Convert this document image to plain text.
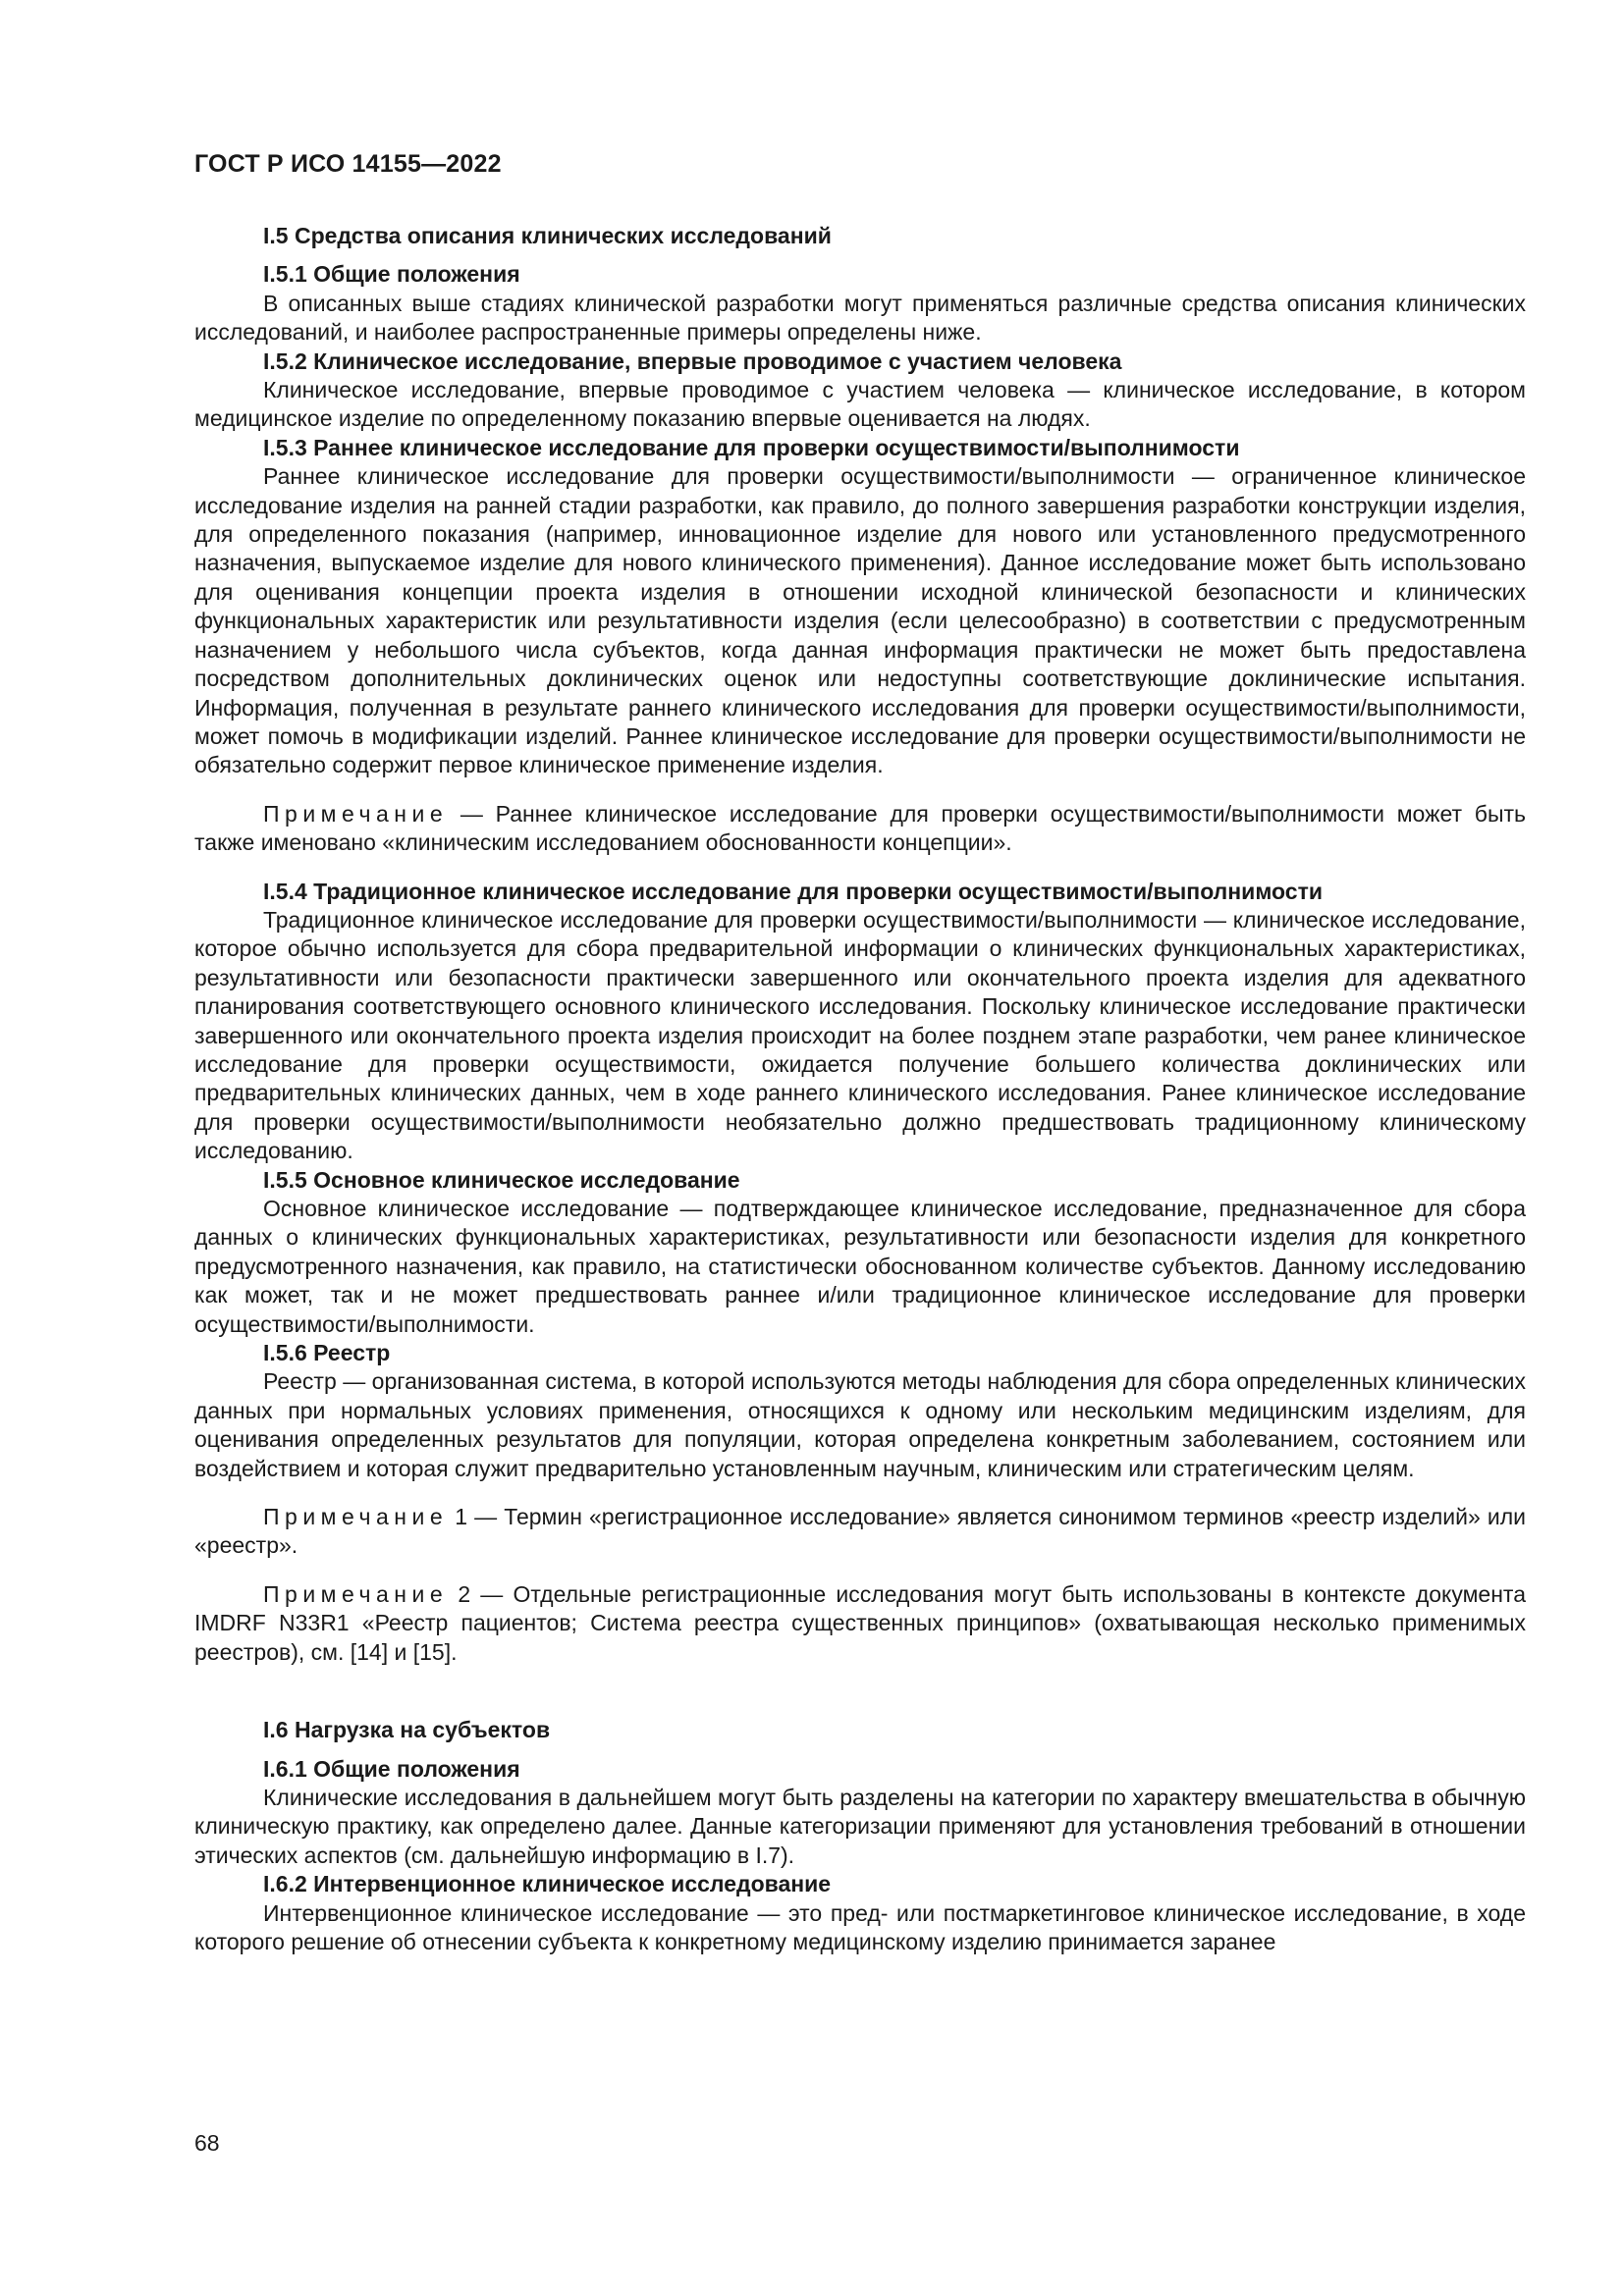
ГОСТ Р ИСО 14155—2022

I.5 Средства описания клинических исследований

I.5.1 Общие положения

В описанных выше стадиях клинической разработки могут применяться различные средства описания клинических исследований, и наиболее распространенные примеры определены ниже.

I.5.2 Клиническое исследование, впервые проводимое с участием человека

Клиническое исследование, впервые проводимое с участием человека — клиническое исследование, в котором медицинское изделие по определенному показанию впервые оценивается на людях.

I.5.3 Раннее клиническое исследование для проверки осуществимости/выполнимости

Раннее клиническое исследование для проверки осуществимости/выполнимости — ограниченное клиническое исследование изделия на ранней стадии разработки, как правило, до полного завершения разработки конструкции изделия, для определенного показания (например, инновационное изделие для нового или установленного предусмотренного назначения, выпускаемое изделие для нового клинического применения). Данное исследование может быть использовано для оценивания концепции проекта изделия в отношении исходной клинической безопасности и клинических функциональных характеристик или результативности изделия (если целесообразно) в соответствии с предусмотренным назначением у небольшого числа субъектов, когда данная информация практически не может быть предоставлена посредством дополнительных доклинических оценок или недоступны соответствующие доклинические испытания. Информация, полученная в результате раннего клинического исследования для проверки осуществимости/выполнимости, может помочь в модификации изделий. Раннее клиническое исследование для проверки осуществимости/выполнимости не обязательно содержит первое клиническое применение изделия.

Примечание — Раннее клиническое исследование для проверки осуществимости/выполнимости может быть также именовано «клиническим исследованием обоснованности концепции».

I.5.4 Традиционное клиническое исследование для проверки осуществимости/выполнимости

Традиционное клиническое исследование для проверки осуществимости/выполнимости — клиническое исследование, которое обычно используется для сбора предварительной информации о клинических функциональных характеристиках, результативности или безопасности практически завершенного или окончательного проекта изделия для адекватного планирования соответствующего основного клинического исследования. Поскольку клиническое исследование практически завершенного или окончательного проекта изделия происходит на более позднем этапе разработки, чем ранее клиническое исследование для проверки осуществимости, ожидается получение большего количества доклинических или предварительных клинических данных, чем в ходе раннего клинического исследования. Ранее клиническое исследование для проверки осуществимости/выполнимости необязательно должно предшествовать традиционному клиническому исследованию.

I.5.5 Основное клиническое исследование

Основное клиническое исследование — подтверждающее клиническое исследование, предназначенное для сбора данных о клинических функциональных характеристиках, результативности или безопасности изделия для конкретного предусмотренного назначения, как правило, на статистически обоснованном количестве субъектов. Данному исследованию как может, так и не может предшествовать раннее и/или традиционное клиническое исследование для проверки осуществимости/выполнимости.

I.5.6 Реестр

Реестр — организованная система, в которой используются методы наблюдения для сбора определенных клинических данных при нормальных условиях применения, относящихся к одному или нескольким медицинским изделиям, для оценивания определенных результатов для популяции, которая определена конкретным заболеванием, состоянием или воздействием и которая служит предварительно установленным научным, клиническим или стратегическим целям.

Примечание 1 — Термин «регистрационное исследование» является синонимом терминов «реестр изделий» или «реестр».

Примечание 2 — Отдельные регистрационные исследования могут быть использованы в контексте документа IMDRF N33R1 «Реестр пациентов; Система реестра существенных принципов» (охватывающая несколько применимых реестров), см. [14] и [15].

I.6 Нагрузка на субъектов

I.6.1 Общие положения

Клинические исследования в дальнейшем могут быть разделены на категории по характеру вмешательства в обычную клиническую практику, как определено далее. Данные категоризации применяют для установления требований в отношении этических аспектов (см. дальнейшую информацию в I.7).

I.6.2 Интервенционное клиническое исследование

Интервенционное клиническое исследование — это пред- или постмаркетинговое клиническое исследование, в ходе которого решение об отнесении субъекта к конкретному медицинскому изделию принимается заранее

68
